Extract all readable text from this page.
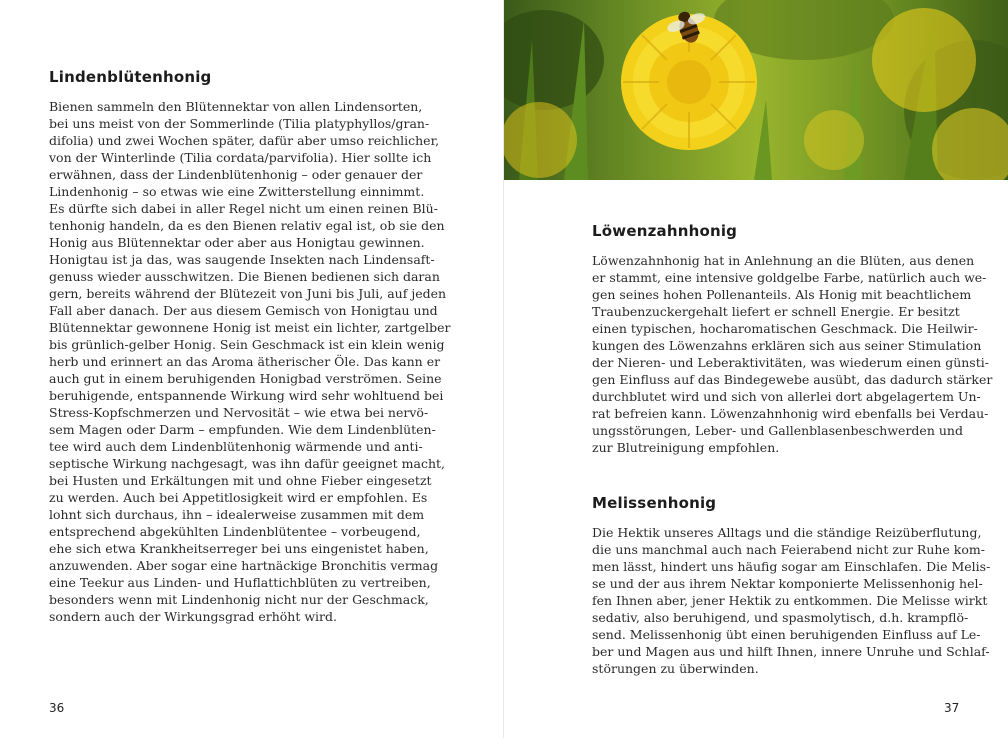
Lindenblütenhonig

Bienen sammeln den Blütennektar von allen Lindensorten,
bei uns meist von der Sommerlinde (Tilia platyphyllos/gran-
difolia) und zwei Wochen später, dafür aber umso reichlicher,
von der Winterlinde (Tilia cordata/parvifolia). Hier sollte ich
erwähnen, dass der Lindenblütenhonig – oder genauer der
Lindenhonig – so etwas wie eine Zwitterstellung einnimmt.
Es dürfte sich dabei in aller Regel nicht um einen reinen Blü-
tenhonig handeln, da es den Bienen relativ egal ist, ob sie den
Honig aus Blütennektar oder aber aus Honigtau gewinnen.
Honigtau ist ja das, was saugende Insekten nach Lindensaft-
genuss wieder ausschwitzen. Die Bienen bedienen sich daran
gern, bereits während der Blütezeit von Juni bis Juli, auf jeden
Fall aber danach. Der aus diesem Gemisch von Honigtau und
Blütennektar gewonnene Honig ist meist ein lichter, zartgelber
bis grünlich-gelber Honig. Sein Geschmack ist ein klein wenig
herb und erinnert an das Aroma ätherischer Öle. Das kann er
auch gut in einem beruhigenden Honigbad verströmen. Seine
beruhigende, entspannende Wirkung wird sehr wohltuend bei
Stress-Kopfschmerzen und Nervosität – wie etwa bei nervö-
sem Magen oder Darm – empfunden. Wie dem Lindenblüten-
tee wird auch dem Lindenblütenhonig wärmende und anti-
septische Wirkung nachgesagt, was ihn dafür geeignet macht,
bei Husten und Erkältungen mit und ohne Fieber eingesetzt
zu werden. Auch bei Appetitlosigkeit wird er empfohlen. Es
lohnt sich durchaus, ihn – idealerweise zusammen mit dem
entsprechend abgekühlten Lindenblütentee – vorbeugend,
ehe sich etwa Krankheitserreger bei uns eingenistet haben,
anzuwenden. Aber sogar eine hartnäckige Bronchitis vermag
eine Teekur aus Linden- und Huflattichblüten zu vertreiben,
besonders wenn mit Lindenhonig nicht nur der Geschmack,
sondern auch der Wirkungsgrad erhöht wird.

36
Löwenzahnhonig

Löwenzahnhonig hat in Anlehnung an die Blüten, aus denen
er stammt, eine intensive goldgelbe Farbe, natürlich auch we-
gen seines hohen Pollenanteils. Als Honig mit beachtlichem
Traubenzuckergehalt liefert er schnell Energie. Er besitzt
einen typischen, hocharomatischen Geschmack. Die Heilwir-
kungen des Löwenzahns erklären sich aus seiner Stimulation
der Nieren- und Leberaktivitäten, was wiederum einen günsti-
gen Einfluss auf das Bindegewebe ausübt, das dadurch stärker
durchblutet wird und sich von allerlei dort abgelagertem Un-
rat befreien kann. Löwenzahnhonig wird ebenfalls bei Verdau-
ungsstörungen, Leber- und Gallenblasenbeschwerden und
zur Blutreinigung empfohlen.

Melissenhonig

Die Hektik unseres Alltags und die ständige Reizüberflutung,
die uns manchmal auch nach Feierabend nicht zur Ruhe kom-
men lässt, hindert uns häufig sogar am Einschlafen. Die Melis-
se und der aus ihrem Nektar komponierte Melissenhonig hel-
fen Ihnen aber, jener Hektik zu entkommen. Die Melisse wirkt
sedativ, also beruhigend, und spasmolytisch, d.h. krampflö-
send. Melissenhonig übt einen beruhigenden Einfluss auf Le-
ber und Magen aus und hilft Ihnen, innere Unruhe und Schlaf-
störungen zu überwinden.

37
